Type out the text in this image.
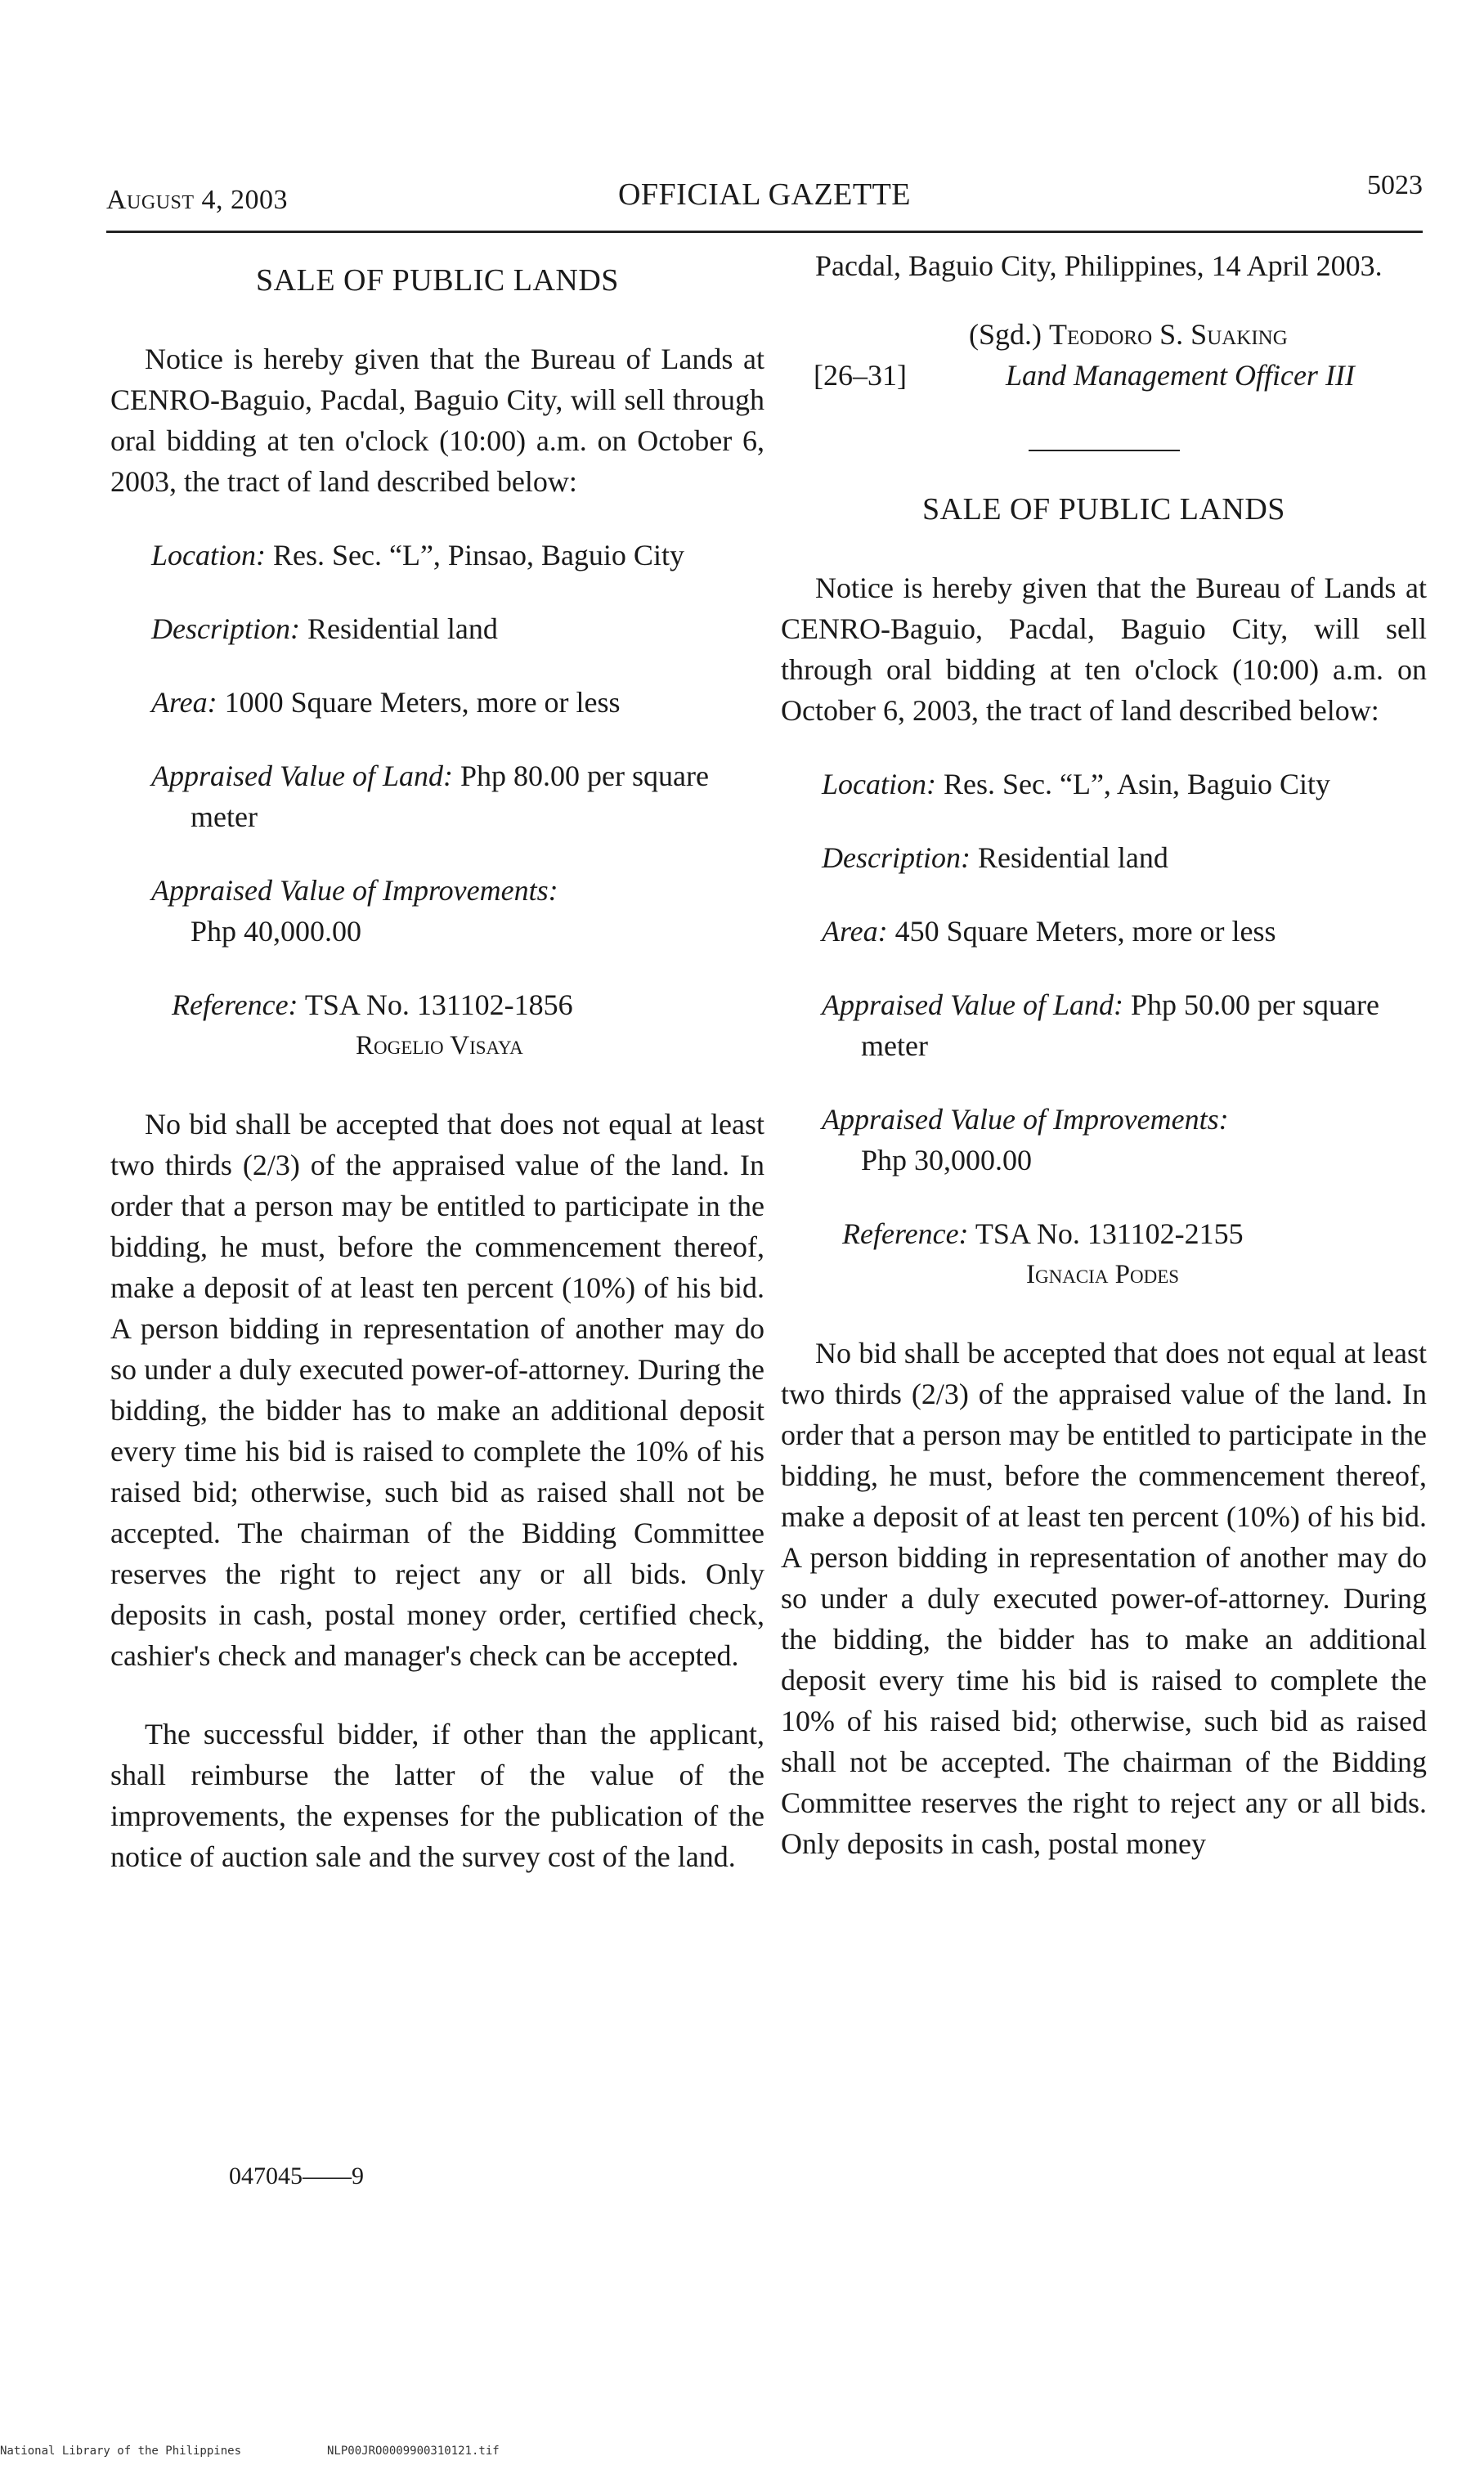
August 4, 2003	OFFICIAL GAZETTE	5023
SALE OF PUBLIC LANDS

Notice is hereby given that the Bureau of Lands at CENRO-Baguio, Pacdal, Baguio City, will sell through oral bidding at ten o'clock (10:00) a.m. on October 6, 2003, the tract of land described below:

Location: Res. Sec. “L”, Pinsao, Baguio City
Description: Residential land
Area: 1000 Square Meters, more or less
Appraised Value of Land: Php 80.00 per square meter
Appraised Value of Improvements:
Php 40,000.00
Reference: TSA No. 131102-1856
Rogelio Visaya

No bid shall be accepted that does not equal at least two thirds (2/3) of the appraised value of the land. In order that a person may be entitled to participate in the bidding, he must, before the commencement thereof, make a deposit of at least ten percent (10%) of his bid. A person bidding in representation of another may do so under a duly executed power-of-attorney. During the bidding, the bidder has to make an additional deposit every time his bid is raised to complete the 10% of his raised bid; otherwise, such bid as raised shall not be accepted. The chairman of the Bidding Committee reserves the right to reject any or all bids. Only deposits in cash, postal money order, certified check, cashier's check and manager's check can be accepted.

The successful bidder, if other than the applicant, shall reimburse the latter of the value of the improvements, the expenses for the publication of the notice of auction sale and the survey cost of the land.

Pacdal, Baguio City, Philippines, 14 April 2003.

(Sgd.) Teodoro S. Suaking
[26–31]	Land Management Officer III
SALE OF PUBLIC LANDS

Notice is hereby given that the Bureau of Lands at CENRO-Baguio, Pacdal, Baguio City, will sell through oral bidding at ten o'clock (10:00) a.m. on October 6, 2003, the tract of land described below:

Location: Res. Sec. “L”, Asin, Baguio City
Description: Residential land
Area: 450 Square Meters, more or less
Appraised Value of Land: Php 50.00 per square meter
Appraised Value of Improvements:
Php 30,000.00
Reference: TSA No. 131102-2155
Ignacia Podes

No bid shall be accepted that does not equal at least two thirds (2/3) of the appraised value of the land. In order that a person may be entitled to participate in the bidding, he must, before the commencement thereof, make a deposit of at least ten percent (10%) of his bid. A person bidding in representation of another may do so under a duly executed power-of-attorney. During the bidding, the bidder has to make an additional deposit every time his bid is raised to complete the 10% of his raised bid; otherwise, such bid as raised shall not be accepted. The chairman of the Bidding Committee reserves the right to reject any or all bids. Only deposits in cash, postal money

047045——9
National Library of the Philippines	NLP00JRO0009900310121.tif
